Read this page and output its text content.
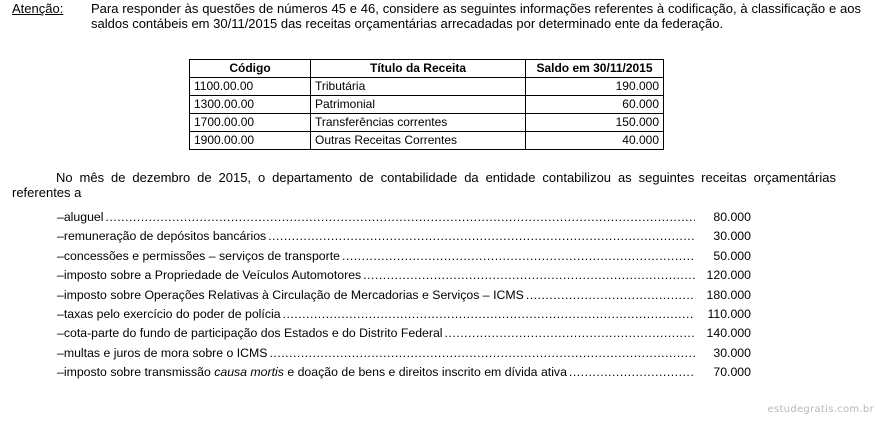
Atenção: Para responder às questões de números 45 e 46, considere as seguintes informações referentes à codificação, à classificação e aos saldos contábeis em 30/11/2015 das receitas orçamentárias arrecadadas por determinado ente da federação.
Código	Título da Receita	Saldo em 30/11/2015
1100.00.00	Tributária	190.000
1300.00.00	Patrimonial	60.000
1700.00.00	Transferências correntes	150.000
1900.00.00	Outras Receitas Correntes	40.000
No mês de dezembro de 2015, o departamento de contabilidade da entidade contabilizou as seguintes receitas orçamentárias referentes a
– aluguel .....	80.000
– remuneração de depósitos bancários .....	30.000
– concessões e permissões – serviços de transporte .....	50.000
– imposto sobre a Propriedade de Veículos Automotores .....	120.000
– imposto sobre Operações Relativas à Circulação de Mercadorias e Serviços – ICMS .....	180.000
– taxas pelo exercício do poder de polícia .....	110.000
– cota-parte do fundo de participação dos Estados e do Distrito Federal .....	140.000
– multas e juros de mora sobre o ICMS .....	30.000
– imposto sobre transmissão causa mortis e doação de bens e direitos inscrito em dívida ativa .....	70.000
estudegratis.com.br
